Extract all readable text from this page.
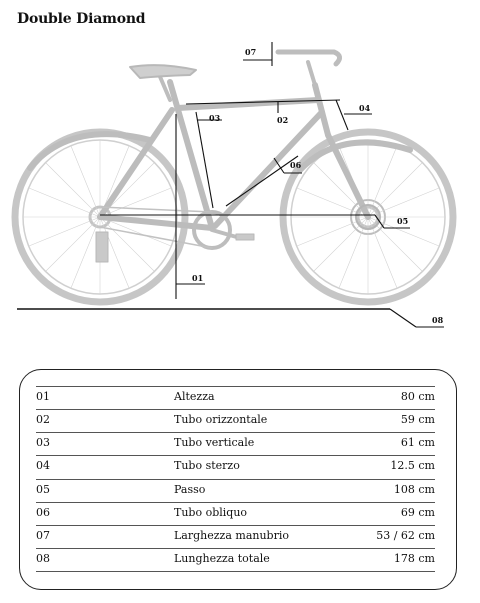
Double Diamond
01
02
03
04
05
06
07
08
01	Altezza	80 cm
02	Tubo orizzontale	59 cm
03	Tubo verticale	61 cm
04	Tubo sterzo	12.5 cm
05	Passo	108 cm
06	Tubo obliquo	69 cm
07	Larghezza manubrio	53 / 62 cm
08	Lunghezza totale	178 cm
